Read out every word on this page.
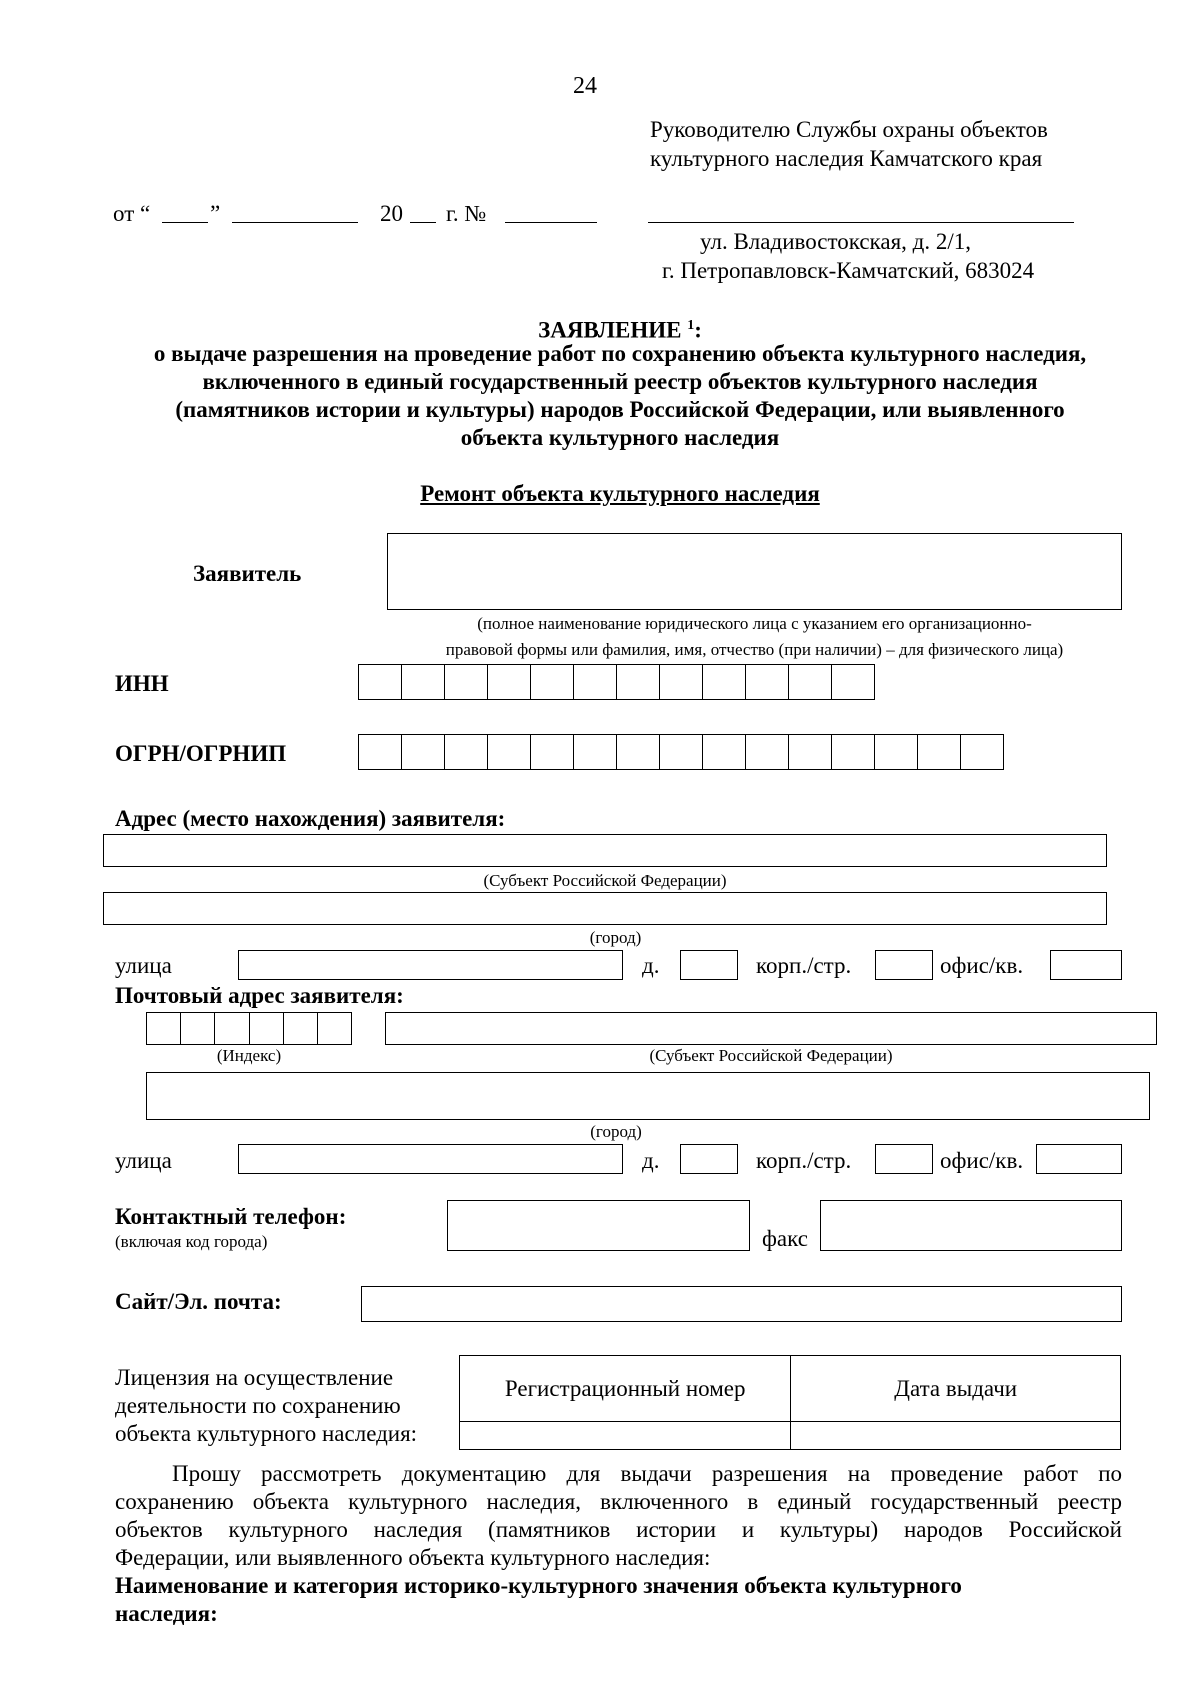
24
Руководителю Службы охраны объектов
культурного наследия Камчатского края
от “	”	20 г. №
ул. Владивостокская, д. 2/1,
г. Петропавловск-Камчатский, 683024
ЗАЯВЛЕНИЕ $^1$:
о выдаче разрешения на проведение работ по сохранению объекта культурного наследия,
включенного в единый государственный реестр объектов культурного наследия
(памятников истории и культуры) народов Российской Федерации, или выявленного
объекта культурного наследия
Ремонт объекта культурного наследия
Заявитель
(полное наименование юридического лица с указанием его организационно-
правовой формы или фамилия, имя, отчество (при наличии) – для физического лица)
ИНН
ОГРН/ОГРНИП
Адрес (место нахождения) заявителя:
(Субъект Российской Федерации)
(город)
улица	д.	корп./стр.	офис/кв.
Почтовый адрес заявителя:
(Индекс)	(Субъект Российской Федерации)
(город)
улица	д.	корп./стр.	офис/кв.
Контактный телефон:
(включая код города)	факс
Сайт/Эл. почта:
Лицензия на осуществление
деятельности по сохранению
объекта культурного наследия:
Регистрационный номер	Дата выдачи

Прошу рассмотреть документацию для выдачи разрешения на проведение работ по
сохранению объекта культурного наследия, включенного в единый государственный реестр
объектов культурного наследия (памятников истории и культуры) народов Российской
Федерации, или выявленного объекта культурного наследия:
Наименование и категория историко-культурного значения объекта культурного
наследия:
